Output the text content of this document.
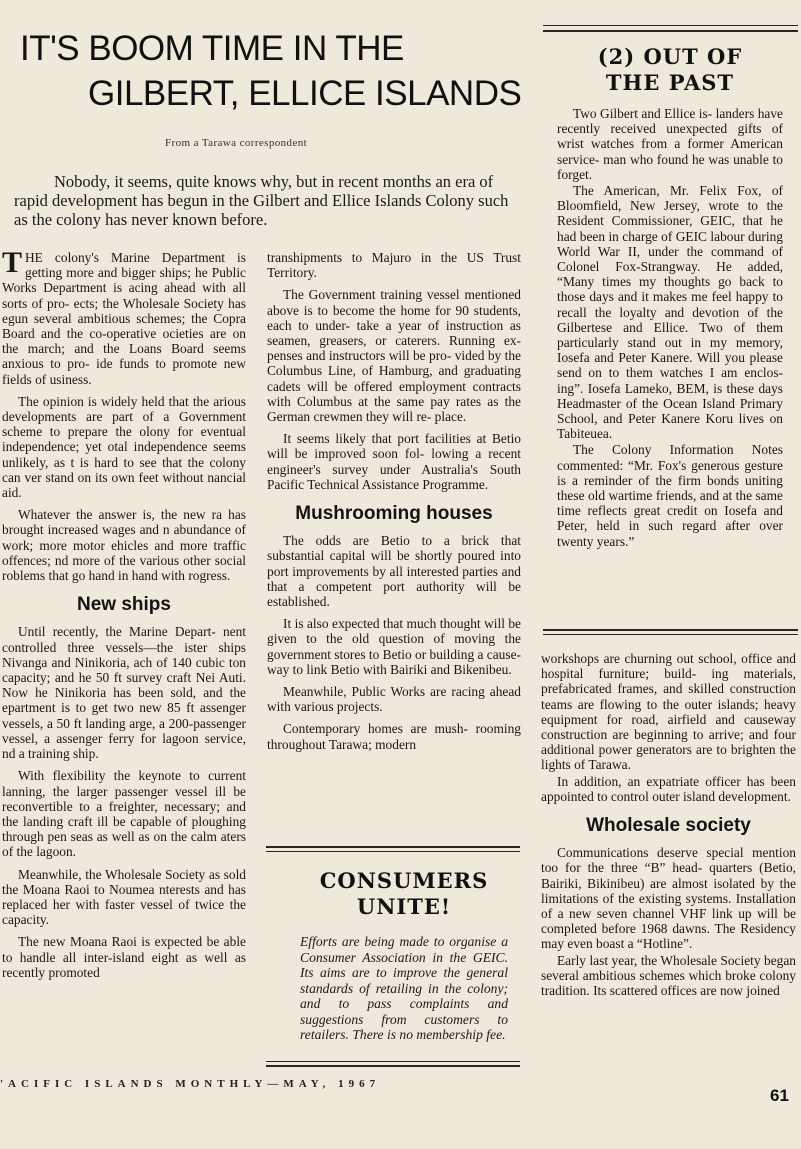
IT'S BOOM TIME IN THE
GILBERT, ELLICE ISLANDS
From a Tarawa correspondent

Nobody, it seems, quite knows why, but in recent months an era of rapid development has begun in the Gilbert and Ellice Islands Colony such as the colony has never known before.

THE colony's Marine Department is getting more and bigger ships; he Public Works Department is acing ahead with all sorts of pro- ects; the Wholesale Society has egun several ambitious schemes; the Copra Board and the co-operative ocieties are on the march; and the Loans Board seems anxious to pro- ide funds to promote new fields of usiness.

The opinion is widely held that the arious developments are part of a Government scheme to prepare the olony for eventual independence; yet otal independence seems unlikely, as t is hard to see that the colony can ver stand on its own feet without nancial aid.

Whatever the answer is, the new ra has brought increased wages and n abundance of work; more motor ehicles and more traffic offences; nd more of the various other social roblems that go hand in hand with rogress.

New ships

Until recently, the Marine Depart- nent controlled three vessels—the ister ships Nivanga and Ninikoria, ach of 140 cubic ton capacity; and he 50 ft survey craft Nei Auti. Now he Ninikoria has been sold, and the epartment is to get two new 85 ft assenger vessels, a 50 ft landing arge, a 200-passenger vessel, a assenger ferry for lagoon service, nd a training ship.

With flexibility the keynote to current lanning, the larger passenger vessel ill be reconvertible to a freighter, necessary; and the landing craft ill be capable of ploughing through pen seas as well as on the calm aters of the lagoon.

Meanwhile, the Wholesale Society as sold the Moana Raoi to Noumea nterests and has replaced her with faster vessel of twice the capacity.

The new Moana Raoi is expected be able to handle all inter-island eight as well as recently promoted

transhipments to Majuro in the US Trust Territory.

The Government training vessel mentioned above is to become the home for 90 students, each to under- take a year of instruction as seamen, greasers, or caterers. Running ex- penses and instructors will be pro- vided by the Columbus Line, of Hamburg, and graduating cadets will be offered employment contracts with Columbus at the same pay rates as the German crewmen they will re- place.

It seems likely that port facilities at Betio will be improved soon fol- lowing a recent engineer's survey under Australia's South Pacific Technical Assistance Programme.

Mushrooming houses

The odds are Betio to a brick that substantial capital will be shortly poured into port improvements by all interested parties and that a competent port authority will be established.

It is also expected that much thought will be given to the old question of moving the government stores to Betio or building a cause- way to link Betio with Bairiki and Bikenibeu.

Meanwhile, Public Works are racing ahead with various projects.

Contemporary homes are mush- rooming throughout Tarawa; modern

CONSUMERS
UNITE!
Efforts are being made to organise a Consumer Association in the GEIC. Its aims are to improve the general standards of retailing in the colony; and to pass complaints and suggestions from customers to retailers. There is no membership fee.
(2) OUT OF
THE PAST

Two Gilbert and Ellice is- landers have recently received unexpected gifts of wrist watches from a former American service- man who found he was unable to forget.

The American, Mr. Felix Fox, of Bloomfield, New Jersey, wrote to the Resident Commissioner, GEIC, that he had been in charge of GEIC labour during World War II, under the command of Colonel Fox-Strangway. He added, “Many times my thoughts go back to those days and it makes me feel happy to recall the loyalty and devotion of the Gilbertese and Ellice. Two of them particularly stand out in my memory, Iosefa and Peter Kanere. Will you please send on to them watches I am enclos- ing”. Iosefa Lameko, BEM, is these days Headmaster of the Ocean Island Primary School, and Peter Kanere Koru lives on Tabiteuea.

The Colony Information Notes commented: “Mr. Fox's generous gesture is a reminder of the firm bonds uniting these old wartime friends, and at the same time reflects great credit on Iosefa and Peter, held in such regard after over twenty years.”

workshops are churning out school, office and hospital furniture; build- ing materials, prefabricated frames, and skilled construction teams are flowing to the outer islands; heavy equipment for road, airfield and causeway construction are beginning to arrive; and four additional power generators are to brighten the lights of Tarawa.

In addition, an expatriate officer has been appointed to control outer island development.

Wholesale society

Communications deserve special mention too for the three “B” head- quarters (Betio, Bairiki, Bikinibeu) are almost isolated by the limitations of the existing systems. Installation of a new seven channel VHF link up will be completed before 1968 dawns. The Residency may even boast a “Hotline”.

Early last year, the Wholesale Society began several ambitious schemes which broke colony tradition. Its scattered offices are now joined

'ACIFIC ISLANDS MONTHLY—MAY, 1967
61
